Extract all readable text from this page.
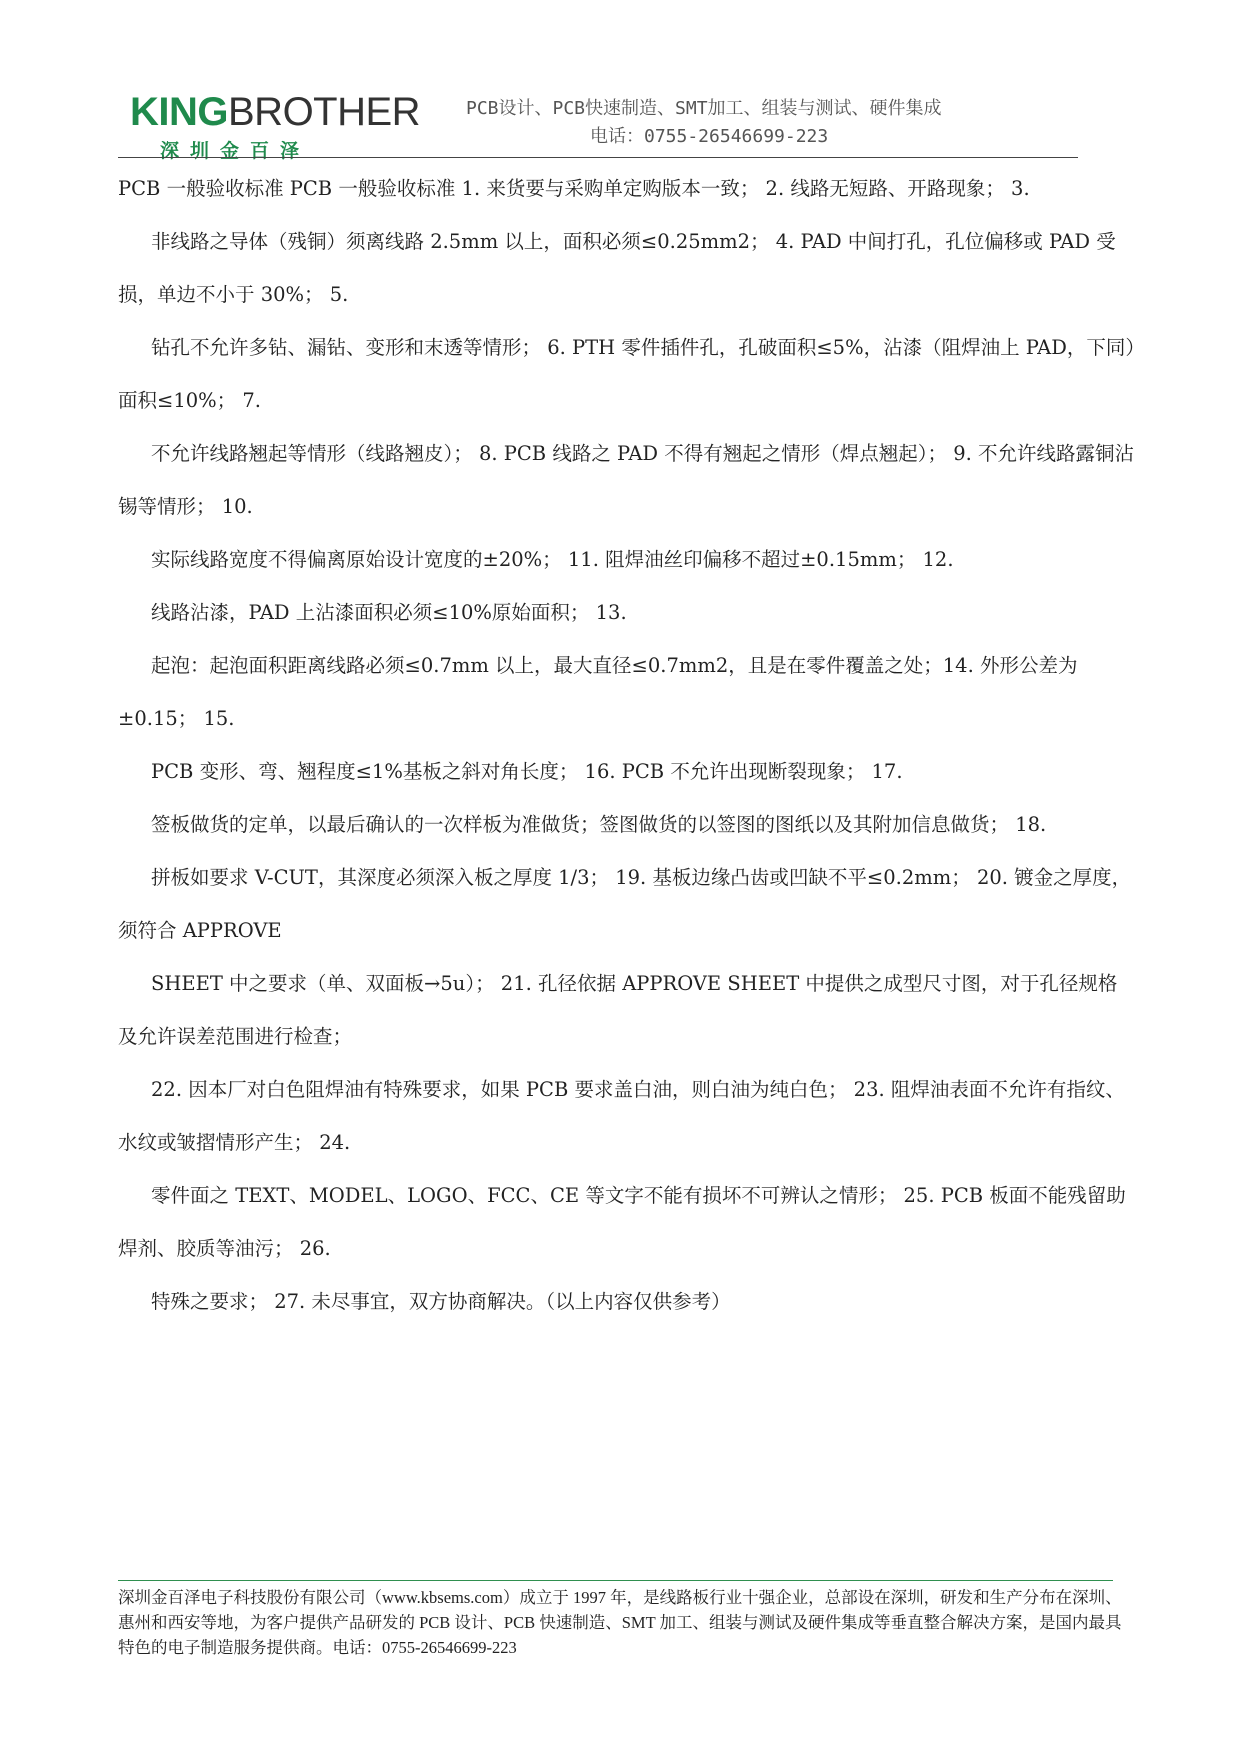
KINGBROTHER
深圳金百泽
PCB设计、PCB快速制造、SMT加工、组装与测试、硬件集成
电话：0755-26546699-223

PCB 一般验收标准 PCB 一般验收标准 1. 来货要与采购单定购版本一致； 2. 线路无短路、开路现象； 3.

非线路之导体（残铜）须离线路 2.5mm 以上，面积必须≤0.25mm2； 4. PAD 中间打孔，孔位偏移或 PAD 受损，单边不小于 30%； 5.

钻孔不允许多钻、漏钻、变形和末透等情形； 6. PTH 零件插件孔，孔破面积≤5%，沾漆（阻焊油上 PAD，下同）面积≤10%； 7.

不允许线路翘起等情形（线路翘皮）； 8. PCB 线路之 PAD 不得有翘起之情形（焊点翘起）； 9. 不允许线路露铜沾锡等情形； 10.

实际线路宽度不得偏离原始设计宽度的±20%； 11. 阻焊油丝印偏移不超过±0.15mm； 12.

线路沾漆，PAD 上沾漆面积必须≤10%原始面积； 13.

起泡：起泡面积距离线路必须≤0.7mm 以上，最大直径≤0.7mm2，且是在零件覆盖之处；14. 外形公差为±0.15； 15.

PCB 变形、弯、翘程度≤1%基板之斜对角长度； 16. PCB 不允许出现断裂现象； 17.

签板做货的定单，以最后确认的一次样板为准做货；签图做货的以签图的图纸以及其附加信息做货； 18.

拼板如要求 V-CUT，其深度必须深入板之厚度 1/3； 19. 基板边缘凸齿或凹缺不平≤0.2mm； 20. 镀金之厚度，须符合 APPROVE

SHEET 中之要求（单、双面板→5u）； 21. 孔径依据 APPROVE SHEET 中提供之成型尺寸图，对于孔径规格及允许误差范围进行检查；

22. 因本厂对白色阻焊油有特殊要求，如果 PCB 要求盖白油，则白油为纯白色； 23. 阻焊油表面不允许有指纹、水纹或皱摺情形产生； 24.

零件面之 TEXT、MODEL、LOGO、FCC、CE 等文字不能有损坏不可辨认之情形； 25. PCB 板面不能残留助焊剂、胶质等油污； 26.

特殊之要求； 27. 未尽事宜，双方协商解决。（以上内容仅供参考）

深圳金百泽电子科技股份有限公司（www.kbsems.com）成立于 1997 年，是线路板行业十强企业，总部设在深圳，研发和生产分布在深圳、惠州和西安等地，为客户提供产品研发的 PCB 设计、PCB 快速制造、SMT 加工、组装与测试及硬件集成等垂直整合解决方案，是国内最具特色的电子制造服务提供商。电话：0755-26546699-223
